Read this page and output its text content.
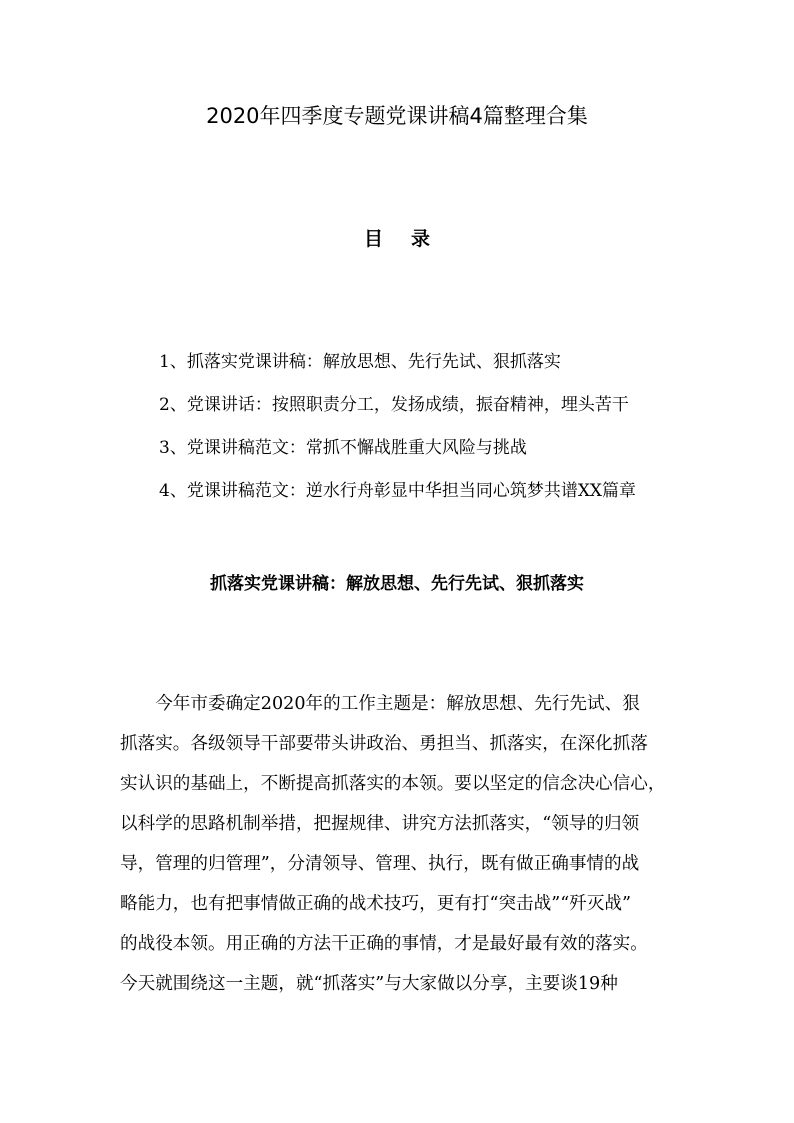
2020年四季度专题党课讲稿4篇整理合集
目录
1、抓落实党课讲稿：解放思想、先行先试、狠抓落实
2、党课讲话：按照职责分工，发扬成绩，振奋精神，埋头苦干
3、党课讲稿范文：常抓不懈战胜重大风险与挑战
4、党课讲稿范文：逆水行舟彰显中华担当同心筑梦共谱XX篇章
抓落实党课讲稿：解放思想、先行先试、狠抓落实
　　今年市委确定2020年的工作主题是：解放思想、先行先试、狠
抓落实。各级领导干部要带头讲政治、勇担当、抓落实，在深化抓落
实认识的基础上，不断提高抓落实的本领。要以坚定的信念决心信心，
以科学的思路机制举措，把握规律、讲究方法抓落实，“领导的归领
导，管理的归管理”，分清领导、管理、执行，既有做正确事情的战
略能力，也有把事情做正确的战术技巧，更有打“突击战”“歼灭战”
的战役本领。用正确的方法干正确的事情，才是最好最有效的落实。
今天就围绕这一主题，就“抓落实”与大家做以分享，主要谈19种
